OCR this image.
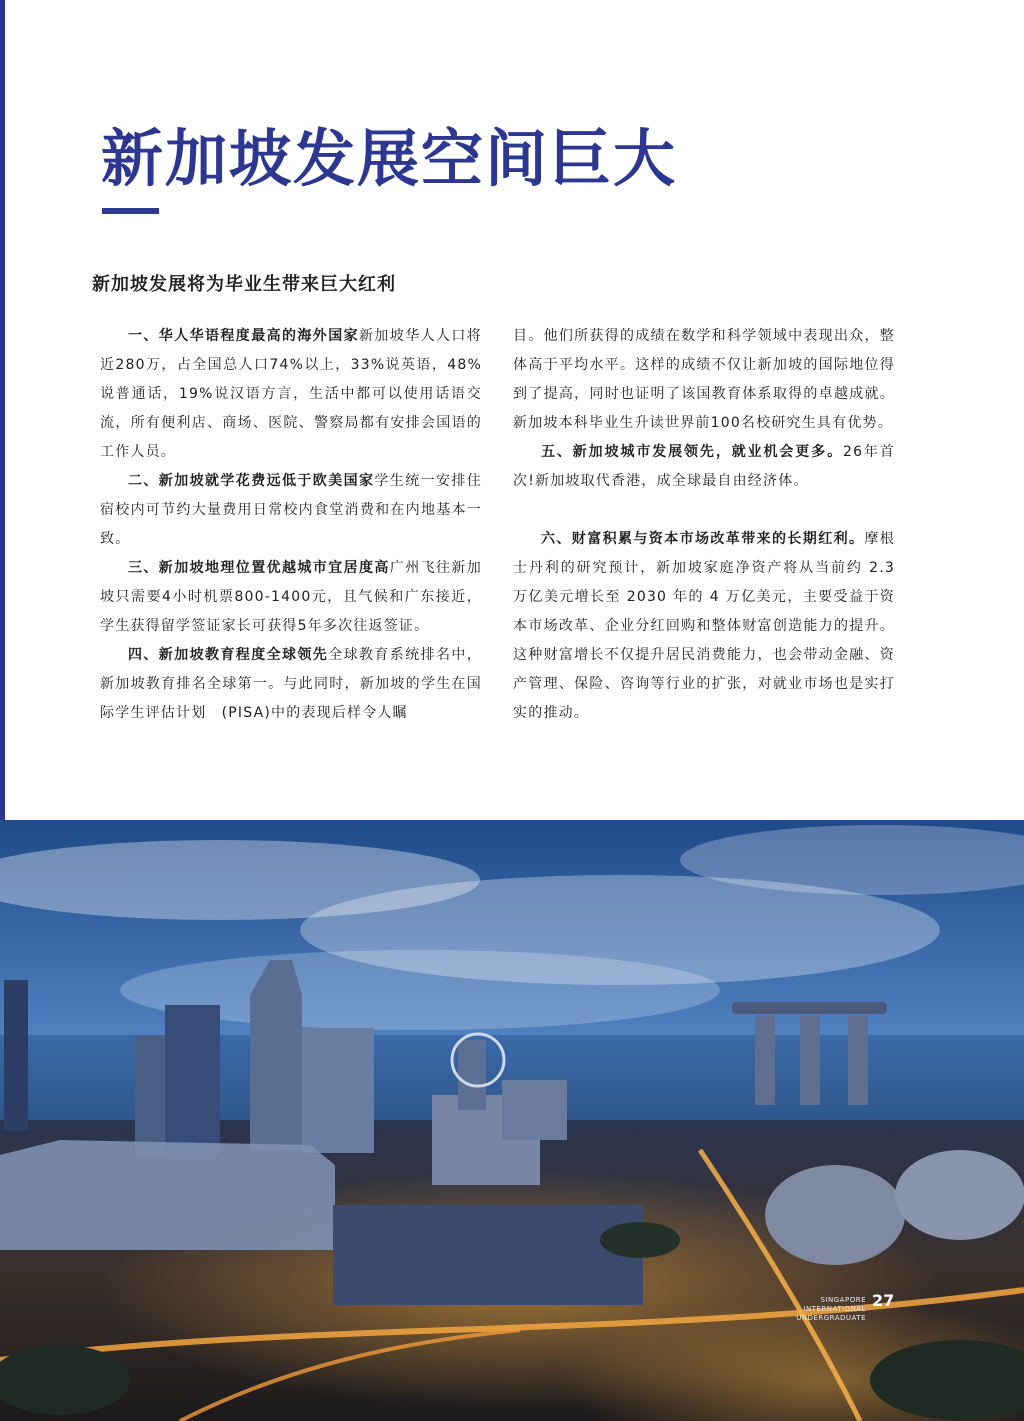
新加坡发展空间巨大
新加坡发展将为毕业生带来巨大红利

一、华人华语程度最高的海外国家新加坡华人人口将近280万，占全国总人口74%以上，33%说英语，48%说普通话，19%说汉语方言，生活中都可以使用话语交流，所有便利店、商场、医院、警察局都有安排会国语的工作人员。

二、新加坡就学花费远低于欧美国家学生统一安排住宿校内可节约大量费用日常校内食堂消费和在内地基本一致。

三、新加坡地理位置优越城市宜居度高广州飞往新加坡只需要4小时机票800-1400元，且气候和广东接近，学生获得留学签证家长可获得5年多次往返签证。

四、新加坡教育程度全球领先全球教育系统排名中，新加坡教育排名全球第一。与此同时，新加坡的学生在国际学生评估计划　(PISA)中的表现后样令人瞩

目。他们所获得的成绩在数学和科学领域中表现出众，整体高于平均水平。这样的成绩不仅让新加坡的国际地位得到了提高，同时也证明了该国教育体系取得的卓越成就。新加坡本科毕业生升读世界前100名校研究生具有优势。

五、新加坡城市发展领先，就业机会更多。26年首次!新加坡取代香港，成全球最自由经济体。

六、财富积累与资本市场改革带来的长期红利。摩根士丹利的研究预计，新加坡家庭净资产将从当前约 2.3 万亿美元增长至 2030 年的 4 万亿美元，主要受益于资本市场改革、企业分红回购和整体财富创造能力的提升。这种财富增长不仅提升居民消费能力，也会带动金融、资产管理、保险、咨询等行业的扩张，对就业市场也是实打实的推动。

SINGAPORE INTERNATIONAL
UNDERGRADUATE
27
